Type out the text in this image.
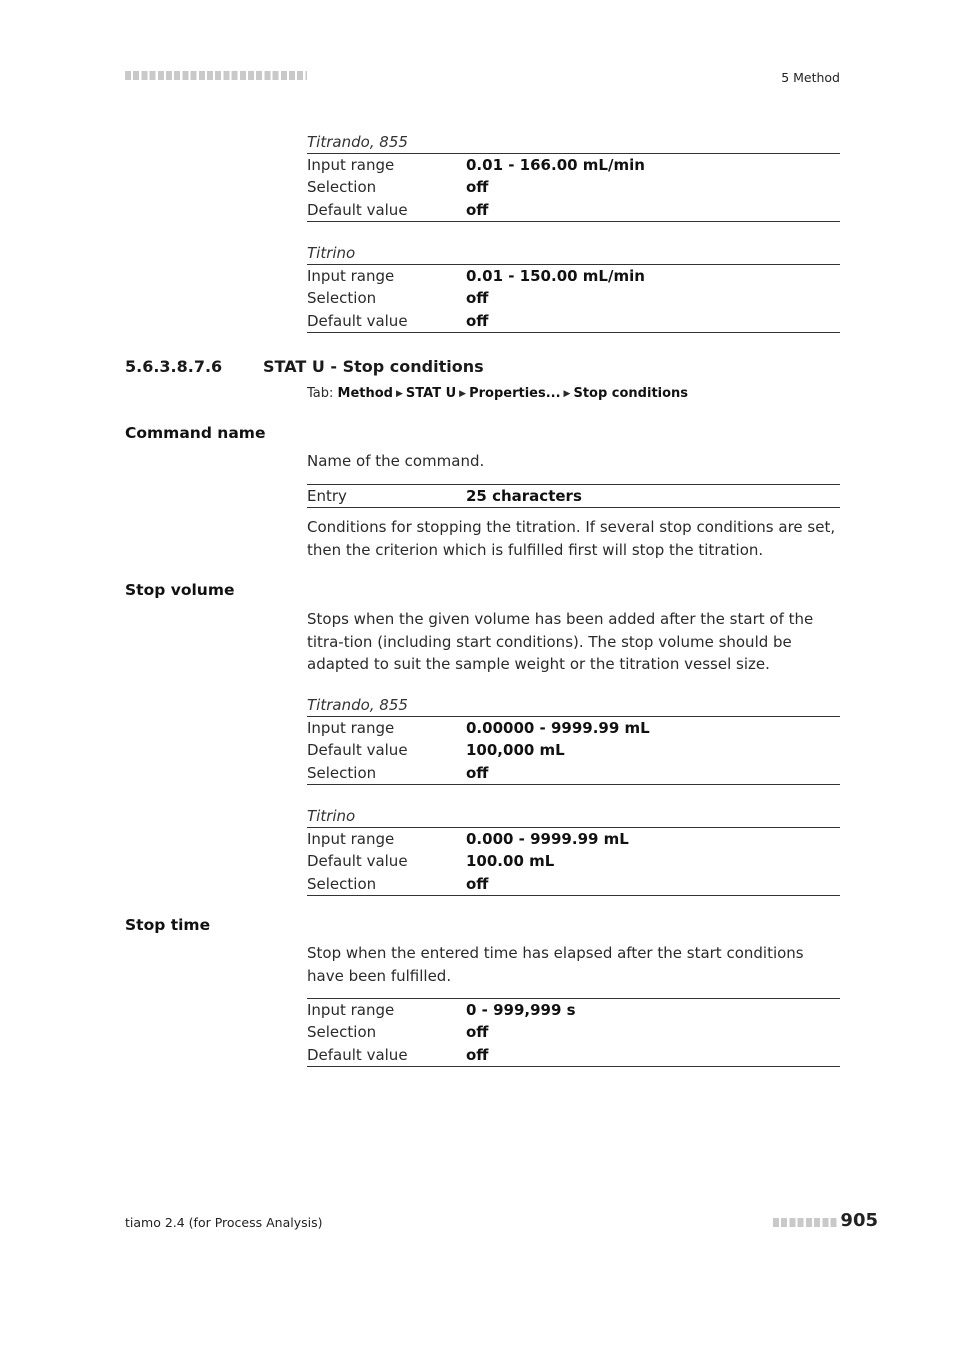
5 Method
Titrando, 855
Input range	0.01 - 166.00 mL/min
Selection	off
Default value	off
Titrino
Input range	0.01 - 150.00 mL/min
Selection	off
Default value	off
5.6.3.8.7.6	STAT U - Stop conditions
Tab: Method ▶ STAT U ▶ Properties... ▶ Stop conditions
Command name
Name of the command.
Entry	25 characters
Conditions for stopping the titration. If several stop conditions are set, then the criterion which is fulfilled first will stop the titration.
Stop volume
Stops when the given volume has been added after the start of the titra-tion (including start conditions). The stop volume should be adapted to suit the sample weight or the titration vessel size.
Titrando, 855
Input range	0.00000 - 9999.99 mL
Default value	100,000 mL
Selection	off
Titrino
Input range	0.000 - 9999.99 mL
Default value	100.00 mL
Selection	off
Stop time
Stop when the entered time has elapsed after the start conditions have been fulfilled.
Input range	0 - 999,999 s
Selection	off
Default value	off
tiamo 2.4 (for Process Analysis)	905
